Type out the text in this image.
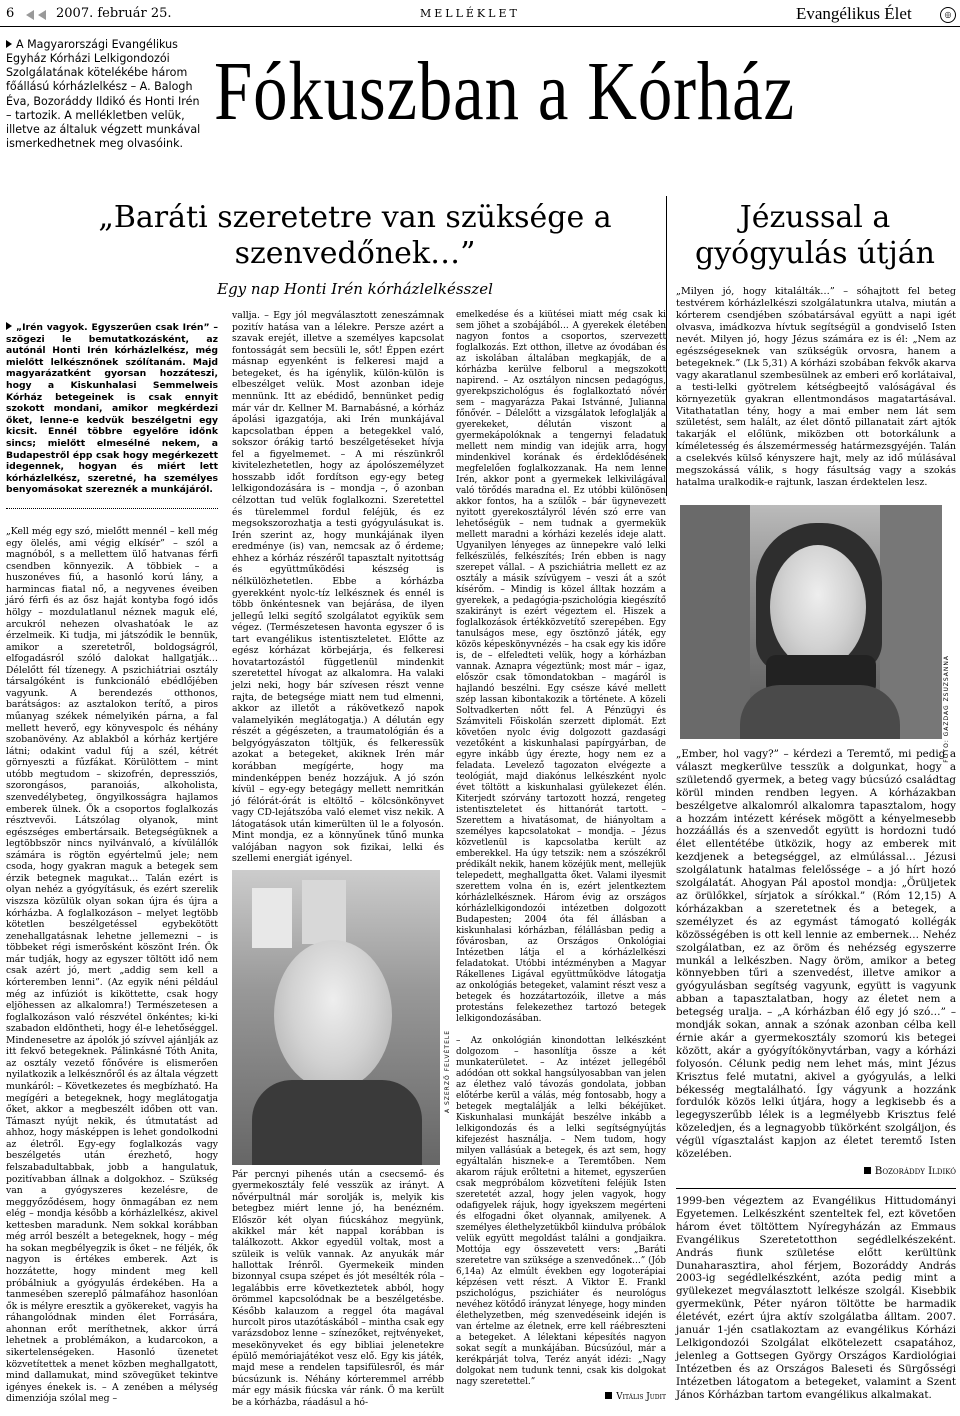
6	2007. február 25.	MELLÉKLET	Evangélikus Élet	◎
A Magyarországi Evangélikus Egyház Kórházi Lelkigondozói Szolgálatának kötelékébe három főállású kórházlelkész – A. Balogh Éva, Bozoráddy Ildikó és Honti Irén – tartozik. A mellékletben velük, illetve az általuk végzett munkával ismerkedhetnek meg olvasóink.
Fókuszban a Kórház
„Baráti szeretetre van szüksége a szenvedőnek…”
Egy nap Honti Irén kórházlelkésszel
„Irén vagyok. Egyszerűen csak Irén” – szögezi le bemutatkozásként, az autónál Honti Irén kórházlelkész, még mielőtt lelkésznőnek szólítanám. Majd magyarázatként gyorsan hozzáteszi, hogy a Kiskunhalasi Semmelweis Kórház betegeinek is csak ennyit szokott mondani, amikor megkérdezi őket, lenne-e kedvük beszélgetni egy kicsit. Ennél többre egyelőre időnk sincs; mielőtt elmesélné nekem, a Budapestről épp csak hogy megérkezett idegennek, hogyan és miért lett kórházlelkész, szeretné, ha személyes benyomásokat szereznék a munkájáról.

„Kell még egy szó, mielőtt mennél – kell még egy ölelés, ami végig elkísér” – szól a magnóból, s a mellettem ülő hatvanas férfi csendben könnyezik. A többiek – a huszonéves fiú, a hasonló korú lány, a harmincas fiatal nő, a negyvenes éveiben járó férfi és az ősz haját kontyba fogó idős hölgy – mozdulatlanul néznek maguk elé, arcukról nehezen olvashatóak le az érzelmeik. Ki tudja, mi játszódik le bennük, amikor a szeretetről, boldogságról, elfogadásról szóló dalokat hallgatják… Délelőtt fél tízenegy. A pszichiátriai osztály társalgóként is funkcionáló ebédlőjében vagyunk. A berendezés otthonos, barátságos: az asztalokon terítő, a piros műanyag székek némelyikén párna, a fal mellett heverő, egy könyvespolc és néhány szobanövény. Az ablakból a kórház kertjére látni; odakint vadul fúj a szél, kétrét görnyeszti a fűzfákat. Körülöttem – mint utóbb megtudom – skizofrén, depressziós, szorongásos, paranoiás, alkoholista, szenvedélybeteg, öngyilkosságra hajlamos emberek ülnek. Ők a csoportos foglalkozás résztvevői. Látszólag olyanok, mint egészséges embertársaik. Betegségüknek a legtöbbször nincs nyilvánvaló, a kívülállók számára is rögtön egyértelmű jele; nem csoda, hogy gyakran maguk a betegek sem érzik betegnek magukat… Talán ezért is olyan nehéz a gyógyításuk, és ezért szerelik viszsza közülük olyan sokan újra és újra a kórházba. A foglalkozáson – melyet legtöbb kötetlen beszélgetéssel egybekötött zenehallgatásnak lehetne jellemezni – is többeket régi ismerősként köszönt Irén. Ők már tudják, hogy az egyszer töltött idő nem csak azért jó, mert „addig sem kell a kórteremben lenni”. (Az egyik néni például még az infúziót is kiköttette, csak hogy eljöhessen az alkalomra!) Természetesen a foglalkozáson való részvétel önkéntes; ki-ki szabadon eldöntheti, hogy él-e lehetőséggel. Mindenesetre az ápolók jó szívvel ajánlják az itt fekvő betegeknek. Pálinkásné Tóth Anita, az osztály vezető főnővére is elismerően nyilatkozik a lelkésznőről és az általa végzett munkáról: – Következetes és megbízható. Ha megígéri a betegeknek, hogy meglátogatja őket, akkor a megbeszélt időben ott van. Támaszt nyújt nekik, és útmutatást ad ahhoz, hogy másképpen is lehet gondolkodni az életről. Egy-egy foglalkozás vagy beszélgetés után érezhető, hogy felszabadultabbak, jobb a hangulatuk, pozitívabban állnak a dolgokhoz. – Szükség van a gyógyszeres kezelésre, de meggyőződésem, hogy önmagában ez nem elég – mondja később a kórházlelkész, akivel kettesben maradunk. Nem sokkal korábban még arról beszélt a betegeknek, hogy – még ha sokan megbélyegzik is őket – ne féljék, ők nagyon is értékes emberek. Azt is hozzátette, hogy mindent meg kell próbálniuk a gyógyulás érdekében. Ha a tanmesében szereplő pálmafához hasonlóan ők is mélyre eresztik a gyökereket, vagyis ha ráhangolódnak minden élet Forrására, ahonnan erőt meríthetnek, akkor úrrá lehetnek a problémákon, a kudarcokon, a sikertelenségeken. Hasonló üzenetet közvetítettek a menet közben meghallgatott, mind dallamukat, mind szövegüket tekintve igényes énekek is. – A zenében a mélység dimenziója szólal meg –

vallja. – Egy jól megválasztott zeneszámnak pozitív hatása van a lélekre. Persze azért a szavak erejét, illetve a személyes kapcsolat fontosságát sem becsüli le, sőt! Éppen ezért másnap egyenként is felkeresi majd a betegeket, és ha igénylik, külön-külön is elbeszélget velük. Most azonban ideje mennünk. Itt az ebédidő, bennünket pedig már vár dr. Kellner M. Barnabásné, a kórház ápolási igazgatója, aki Irén munkájával kapcsolatban éppen a betegekkel való, sokszor órákig tartó beszélgetéseket hívja fel a figyelmemet. – A mi részünkről kivitelezhetetlen, hogy az ápolószemélyzet hosszabb időt fordítson egy-egy beteg lelkigondozására is – mondja –, ő azonban célzottan tud velük foglalkozni. Szeretettel és türelemmel fordul feléjük, és ez megsokszorozhatja a testi gyógyulásukat is. Irén szerint az, hogy munkájának ilyen eredménye (is) van, nemcsak az ő érdeme; ehhez a kórház részéről tapasztalt nyitottság és együttműködési készség is nélkülözhetetlen. Ebbe a kórházba gyerekként nyolc-tíz lelkésznek és ennél is több önkéntesnek van bejárása, de ilyen jellegű lelki segítő szolgálatot egyikük sem végez. (Természetesen havonta egyszer ő is tart evangélikus istentiszteletet. Előtte az egész kórházat körbejárja, és felkeresi hovatartozástól függetlenül mindenkit szeretettel hívogat az alkalomra. Ha valaki jelzi neki, hogy bár szívesen részt venne rajta, de betegsége miatt nem tud elmenni, akkor az illetőt a rákövetkező napok valamelyikén meglátogatja.) A délután egy részét a gégészeten, a traumatológián és a belgyógyászaton töltjük, és felkeressük azokat a betegeket, akiknek Irén már korábban megígérte, hogy ma mindenképpen benéz hozzájuk. A jó szón kívül – egy-egy betegágy mellett nemritkán jó félórát-órát is eltöltő – kölcsönkönyvet vagy CD-lejátszóba való elemet visz nekik. A látogatások után kimerülten ül le a folyosón. Mint mondja, ez a könnyűnek tűnő munka valójában nagyon sok fizikai, lelki és szellemi energiát igényel.

A SZERZŐ FELVÉTELE

Pár percnyi pihenés után a csecsemő- és gyermekosztály felé vesszük az irányt. A nővérpultnál már sorolják is, melyik kis betegbez miért lenne jó, ha benézném. Először két olyan fiúcskához megyünk, akikkel már két nappal korábban is találkozott. Akkor egyedül voltak, most a szüleik is velük vannak. Az anyukák már hallottak Irénről. Gyermekeik minden bizonnyal csupa szépet és jót mesélték róla – legalábbis erre következtetek abból, hogy örömmel kapcsolódnak be a beszélgetésbe. Később kalauzom a reggel óta magával hurcolt piros utazótáskából – mintha csak egy varázsdoboz lenne – színezőket, rejtvényeket, mesekönyveket és egy bibliai jelenetekre épülő memóriajátékot vesz elő. Egy kis játék, majd mese a rendelen tapsifülesről, és már búcsúzunk is. Néhány kórteremmel arrébb már egy másik fiúcska vár ránk. Ő ma került be a kórházba, ráadásul a hó-

emelkedése és a kiütései miatt még csak ki sem jöhet a szobájából… A gyerekek életében nagyon fontos a csoportos, szervezett foglalkozás. Ezt otthon, illetve az óvodában és az iskolában általában megkapják, de a kórházba kerülve felborul a megszokott napirend. – Az osztályon nincsen pedagógus, gyerekpszichológus és foglalkoztató nővér sem – magyarázza Pakai Istvánné, Julianna főnővér. – Délelőtt a vizsgálatok lefoglalják a gyerekeket, délután viszont a gyermekápolóknak a tengernyi feladatuk mellett nem mindig van idejük arra, hogy mindenkivel korának és érdeklődésének megfelelően foglalkozzanak. Ha nem lenne Irén, akkor pont a gyermekek lelkivilágával való törődés maradna el. Ez utóbbi különösen akkor fontos, ha a szülők – bár ügynevezett nyitott gyerekosztályról lévén szó erre van lehetőségük – nem tudnak a gyermekük mellett maradni a kórházi kezelés ideje alatt. Ugyanilyen lényeges az ünnepekre való lelki felkészülés, felkészítés; Irén ebben is nagy szerepet vállal. – A pszichiátria mellett ez az osztály a másik szívügyem – veszi át a szót kísérőm. – Mindig is közel álltak hozzám a gyerekek, a pedagógia-pszichológia kiegészítő szakirányt is ezért végeztem el. Hiszek a foglalkozások értékközvetítő szerepében. Egy tanulságos mese, egy ösztönző játék, egy közös képeskönyvnézés – ha csak egy kis időre is, de – elfeledteti velük, hogy a kórházban vannak. Aznapra végeztünk; most már – igaz, először csak tömondatokban – magáról is hajlandó beszélni. Egy csésze kávé mellett szép lassan kibontakozik a története. A közeli Soltvadkerten nőtt fel. A Pénzügyi és Számviteli Főiskolán szerzett diplomát. Ezt követően nyolc évig dolgozott gazdasági vezetőként a kiskunhalasi papírgyárban, de egyre inkább úgy érezte, hogy nem ez a feladata. Levelező tagozaton elvégezte a teológiát, majd diakónus lelkészként nyolc évet töltött a kiskunhalasi gyülekezet élén. Kiterjedt szórvány tartozott hozzá, rengeteg istentiszteletet és hittanórát tartott. – Szerettem a hivatásomat, de hiányoltam a személyes kapcsolatokat – mondja. – Jézus közvetlenül is kapcsolatba került az emberekkel. Ha úgy tetszik: nem a szószékről prédikált nekik, hanem közéjük ment, mellejük telepedett, meghallgatta őket. Valami ilyesmit szerettem volna én is, ezért jelentkeztem kórházlelkésznek. Három évig az országos kórházlelkigondozói intézetben dolgozott Budapesten; 2004 óta fél állásban a kiskunhalasi kórházban, félállásban pedig a fővárosban, az Országos Onkológiai Intézetben látja el a kórházlelkészi feladatokat. Utóbbi intézményben a Magyar Rákellenes Ligával együttműködve látogatja az onkológiás betegeket, valamint részt vesz a betegek és hozzátartozóik, illetve a más protestáns felekezethez tartozó betegek lelkigondozásában.

– Az onkológián kinondottan lelkészként dolgozom – hasonlítja össze a két munkaterületet. – Az intézet jellegéből adódóan ott sokkal hangsúlyosabban van jelen az élethez való távozás gondolata, jobban előtérbe kerül a válás, még fontosabb, hogy a betegek megtalálják a lelki békéjüket. Kiskunhalasi munkáját beszélve inkább a lelkigondozás és a lelki segítségnyújtás kifejezést használja. – Nem tudom, hogy milyen vallásúak a betegek, és azt sem, hogy egyáltalán hisznek-e a Teremtőben. Nem akarom rájuk erőltetni a hitemet, egyszerűen csak megpróbálom közvetíteni feléjük Isten szeretetét azzal, hogy jelen vagyok, hogy odafigyelek rájuk, hogy igyekszem megérteni és elfogadni őket olyannak, amilyenek. A személyes élethelyzetükből kiindulva próbálok velük együtt megoldást találni a gondjaikra. Mottója egy összevetett vers: „Baráti szeretetre van szüksége a szenvedőnek…” (Jób 6,14a) Az elmúlt években egy logoterápiai képzésen vett részt. A Viktor E. Frankl pszichológus, pszichiáter és neurológus nevéhez kötődő irányzat lényege, hogy minden élethelyzetben, még szenvedéseink idején is van értelme az életnek, erre kell ráébreszteni a betegeket. A lélektani képesítés nagyon sokat segít a munkájában. Búcsúzóul, már a kerékpárját tolva, Teréz anyát idézi: „Nagy dolgokat nem tudunk tenni, csak kis dolgokat nagy szeretettel.”

Vitális Judit
Jézussal a gyógyulás útján

„Milyen jó, hogy kitalálták…” – sóhajtott fel beteg testvérem kórházlelkészi szolgálatunkra utalva, miután a kórterem csendjében szóbatársával együtt a napi igét olvasva, imádkozva hívtuk segítségül a gondviselő Isten nevét. Milyen jó, hogy Jézus számára ez is él: „Nem az egészségeseknek van szükségük orvosra, hanem a betegeknek.” (Lk 5,31) A kórházi szobában fekvők akarva vagy akaratlanul szembesülnek az emberi erő korlátaival, a testi-lelki gyötrelem kétségbeejtő valóságával és környezetük gyakran ellentmondásos magatartásával. Vitathatatlan tény, hogy a mai ember nem lát sem születést, sem halált, az élet döntő pillanatait zárt ajtók takarják el előlünk, miközben ott botorkálunk a kíméletesség és álszemérmesség határmezsgyéjén. Talán a cselekvés külső kényszere hajt, mely az idő múlásával megszokássá válik, s hogy fásultság vagy a szokás hatalma uralkodik-e rajtunk, laszan érdektelen lesz.

FOTÓ: GAZDAG ZSUZSANNA

„Ember, hol vagy?” – kérdezi a Teremtő, mi pedig a választ megkerülve tesszük a dolgunkat, hogy a születendő gyermek, a beteg vagy búcsúzó családtag körül minden rendben legyen. A kórházakban beszélgetve alkalomról alkalomra tapasztalom, hogy a hozzám intézett kérések mögött a kényelmesebb hozzáállás és a szenvedőt együtt is hordozni tudó élet ellentétébe ütközik, hogy az emberek mit kezdjenek a betegséggel, az elmúlással… Jézusi szolgálatunk hatalmas felelőssége – a jó hírt hozó szolgálatát. Ahogyan Pál apostol mondja: „Örüljetek az örülőkkel, sírjatok a sírókkal.” (Róm 12,15) A kórházakban a szeretetnek és a betegek, a személyzet és az egymást támogató kollégák közösségében is ott kell lennie az embernek… Nehéz szolgálatban, ez az öröm és nehézség egyszerre munkál a lelkészben. Nagy öröm, amikor a beteg könnyebben tűri a szenvedést, illetve amikor a gyógyulásban segítség vagyunk, együtt is vagyunk abban a tapasztalatban, hogy az életet nem a betegség uralja. – „A kórházban élő egy jó szó…” – mondják sokan, annak a szónak azonban célba kell érnie akár a gyermekosztály szomorú kis betegei között, akár a gyógyítókönyvtárban, vagy a kórházi folyosón. Célunk pedig nem lehet más, mint Jézus Krisztus felé mutatni, akivel a gyógyulás, a lelki békesség megtalálható. Így vágyunk a hozzánk fordulók közös lelki útjára, hogy a legkisebb és a legegyszerűbb lélek is a legmélyebb Krisztus felé közeledjen, és a legnagyobb tükörként szolgáljon, és végül vígasztalást kapjon az életet teremtő Isten közelében.

Bozoráddy Ildikó

1999-ben végeztem az Evangélikus Hittudományi Egyetemen. Lelkészként szenteltek fel, ezt követően három évet töltöttem Nyíregyházán az Emmaus Evangélikus Szeretetotthon segédlelkészeként. András fiunk születése előtt kerültünk Dunaharasztira, ahol férjem, Bozoráddy András 2003-ig segédlelkészként, azóta pedig mint a gyülekezet megválasztott lelkésze szolgál. Kisebbik gyermekünk, Péter nyáron töltötte be harmadik életévét, ezért újra aktív szolgálatba álltam. 2007. január 1-jén csatlakoztam az evangélikus Kórházi Lelkigondozói Szolgálat elkötelezett csapatához, jelenleg a Gottsegen György Országos Kardiológiai Intézetben és az Országos Baleseti és Sürgősségi Intézetben látogatom a betegeket, valamint a Szent János Kórházban tartom evangélikus alkalmakat.
